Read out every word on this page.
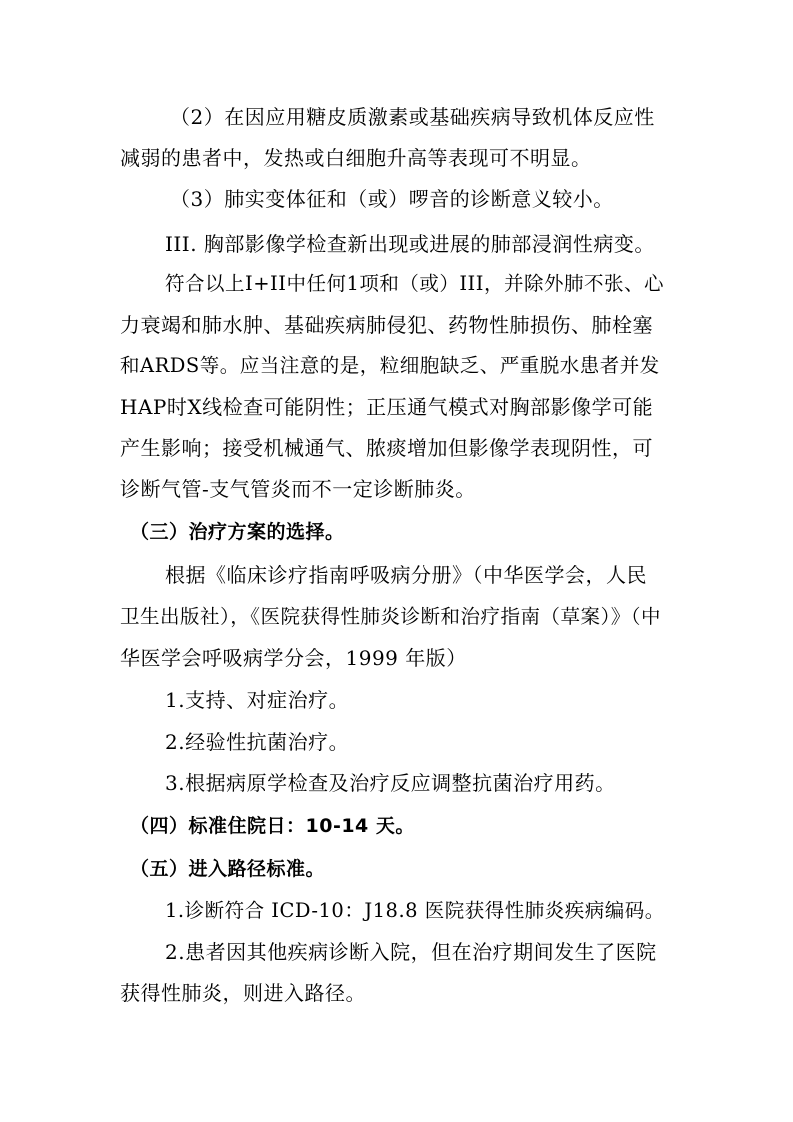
（2）在因应用糖皮质激素或基础疾病导致机体反应性
减弱的患者中，发热或白细胞升高等表现可不明显。
（3）肺实变体征和（或）啰音的诊断意义较小。
III. 胸部影像学检查新出现或进展的肺部浸润性病变。
符合以上I+II中任何1项和（或）III，并除外肺不张、心
力衰竭和肺水肿、基础疾病肺侵犯、药物性肺损伤、肺栓塞
和ARDS等。应当注意的是，粒细胞缺乏、严重脱水患者并发
HAP时X线检查可能阴性；正压通气模式对胸部影像学可能
产生影响；接受机械通气、脓痰增加但影像学表现阴性，可
诊断气管-支气管炎而不一定诊断肺炎。
（三）治疗方案的选择。
根据《临床诊疗指南呼吸病分册》（中华医学会，人民
卫生出版社），《医院获得性肺炎诊断和治疗指南（草案）》（中
华医学会呼吸病学分会，1999 年版）
1.支持、对症治疗。
2.经验性抗菌治疗。
3.根据病原学检查及治疗反应调整抗菌治疗用药。
（四）标准住院日：10-14 天。
（五）进入路径标准。
1.诊断符合 ICD-10：J18.8 医院获得性肺炎疾病编码。
2.患者因其他疾病诊断入院，但在治疗期间发生了医院
获得性肺炎，则进入路径。
